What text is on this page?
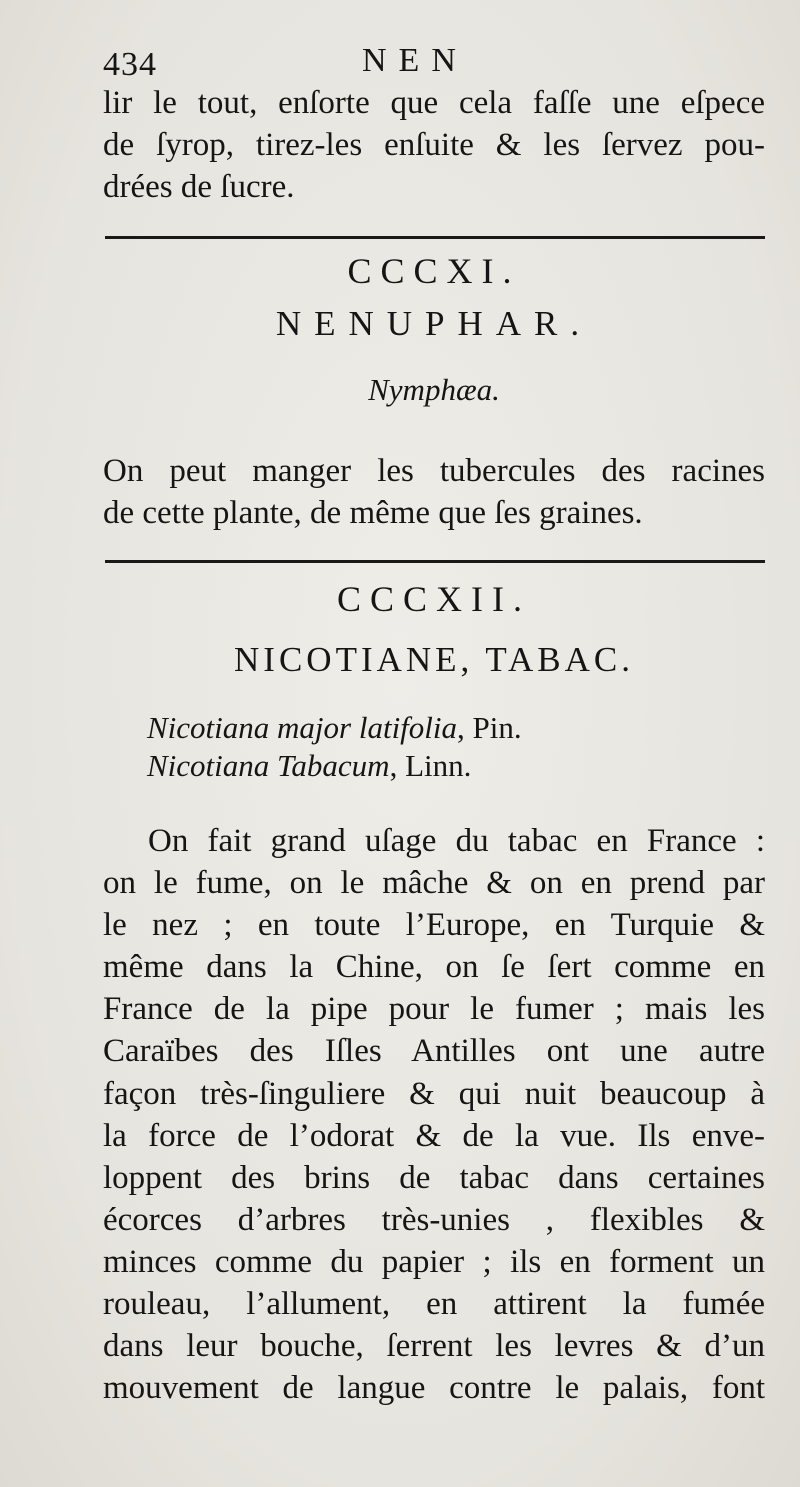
434	NEN
lir le tout, enſorte que cela faſſe une eſpece
de ſyrop, tirez-les enſuite & les ſervez pou-
drées de ſucre.
CCCXI.
NENUPHAR.
Nymphæa.
On peut manger les tubercules des racines
de cette plante, de même que ſes graines.
CCCXII.
NICOTIANE, TABAC.
Nicotiana major latifolia, Pin.
Nicotiana Tabacum, Linn.
On fait grand uſage du tabac en France :
on le fume, on le mâche & on en prend par
le nez ; en toute l’Europe, en Turquie &
même dans la Chine, on ſe ſert comme en
France de la pipe pour le fumer ; mais les
Caraïbes des Iſles Antilles ont une autre
façon très-ſinguliere & qui nuit beaucoup à
la force de l’odorat & de la vue. Ils enve-
loppent des brins de tabac dans certaines
écorces d’arbres très-unies , flexibles &
minces comme du papier ; ils en forment un
rouleau, l’allument, en attirent la fumée
dans leur bouche, ſerrent les levres & d’un
mouvement de langue contre le palais, font
